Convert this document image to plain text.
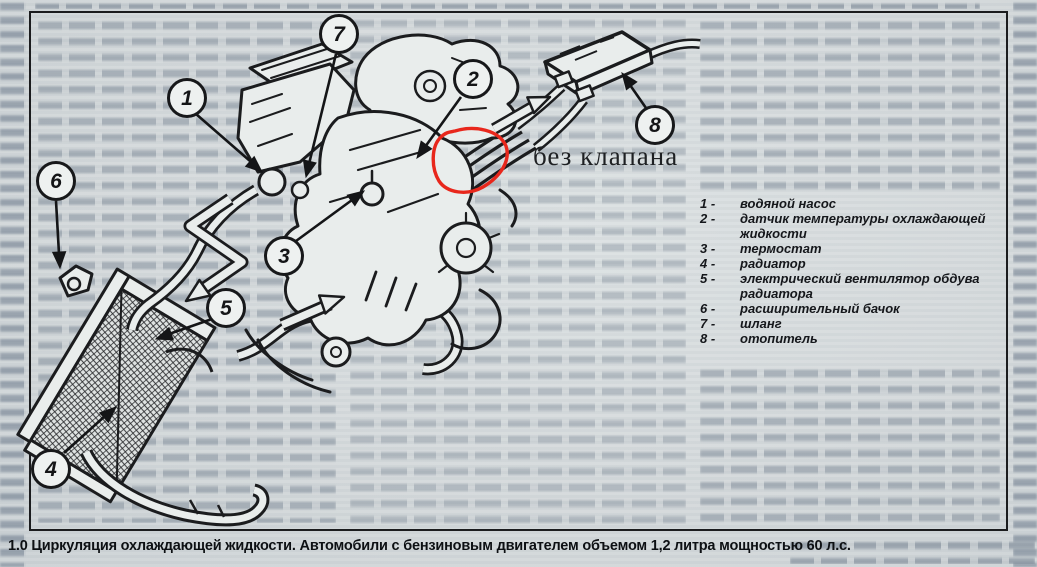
1
7
2
8
6
3
5
4
без клапана
1 -	водяной насос
2 -	датчик температуры охлаждающей жидкости
3 -	термостат
4 -	радиатор
5 -	электрический вентилятор обдува радиатора
6 -	расширительный бачок
7 -	шланг
8 -	отопитель
1.0 Циркуляция охлаждающей жидкости. Автомобили с бензиновым двигателем объемом 1,2 литра мощностью 60 л.с.
